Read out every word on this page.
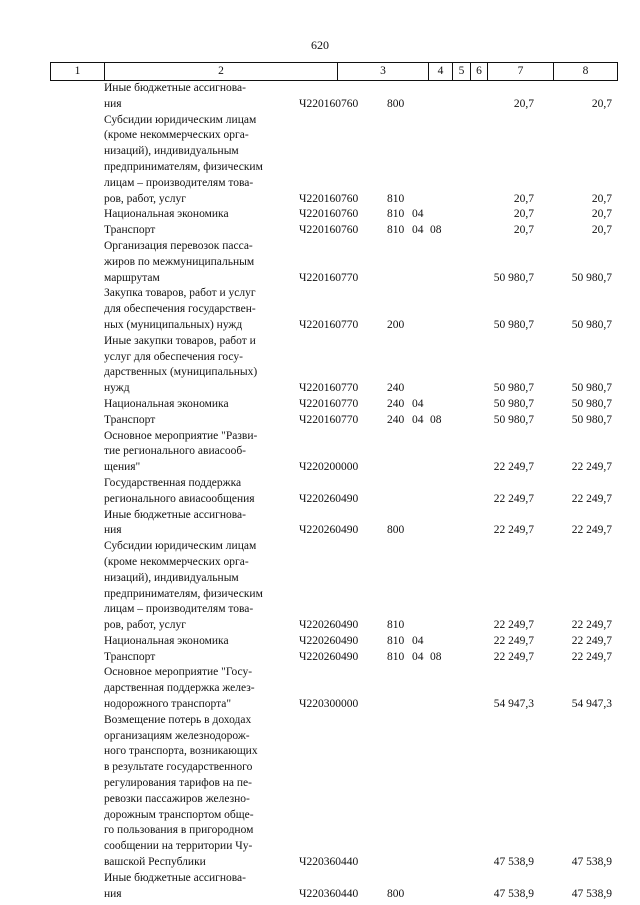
620
1	2	3	4	5	6	7	8
Иные бюджетные ассигнова-
ния	Ч220160760	800	20,7	20,7
Субсидии юридическим лицам
(кроме некоммерческих орга-
низаций), индивидуальным
предпринимателям, физическим
лицам – производителям това-
ров, работ, услуг	Ч220160760	810	20,7	20,7
Национальная экономика	Ч220160760	810 04	20,7	20,7
Транспорт	Ч220160760	810 04 08	20,7	20,7
Организация перевозок пасса-
жиров по межмуниципальным
маршрутам	Ч220160770	50 980,7	50 980,7
Закупка товаров, работ и услуг
для обеспечения государствен-
ных (муниципальных) нужд	Ч220160770	200	50 980,7	50 980,7
Иные закупки товаров, работ и
услуг для обеспечения госу-
дарственных (муниципальных)
нужд	Ч220160770	240	50 980,7	50 980,7
Национальная экономика	Ч220160770	240 04	50 980,7	50 980,7
Транспорт	Ч220160770	240 04 08	50 980,7	50 980,7
Основное мероприятие "Разви-
тие регионального авиасооб-
щения"	Ч220200000	22 249,7	22 249,7
Государственная поддержка
регионального авиасообщения	Ч220260490	22 249,7	22 249,7
Иные бюджетные ассигнова-
ния	Ч220260490	800	22 249,7	22 249,7
Субсидии юридическим лицам
(кроме некоммерческих орга-
низаций), индивидуальным
предпринимателям, физическим
лицам – производителям това-
ров, работ, услуг	Ч220260490	810	22 249,7	22 249,7
Национальная экономика	Ч220260490	810 04	22 249,7	22 249,7
Транспорт	Ч220260490	810 04 08	22 249,7	22 249,7
Основное мероприятие "Госу-
дарственная поддержка желез-
нодорожного транспорта"	Ч220300000	54 947,3	54 947,3
Возмещение потерь в доходах
организациям железнодорож-
ного транспорта, возникающих
в результате государственного
регулирования тарифов на пе-
ревозки пассажиров железно-
дорожным транспортом обще-
го пользования в пригородном
сообщении на территории Чу-
вашской Республики	Ч220360440	47 538,9	47 538,9
Иные бюджетные ассигнова-
ния	Ч220360440	800	47 538,9	47 538,9
